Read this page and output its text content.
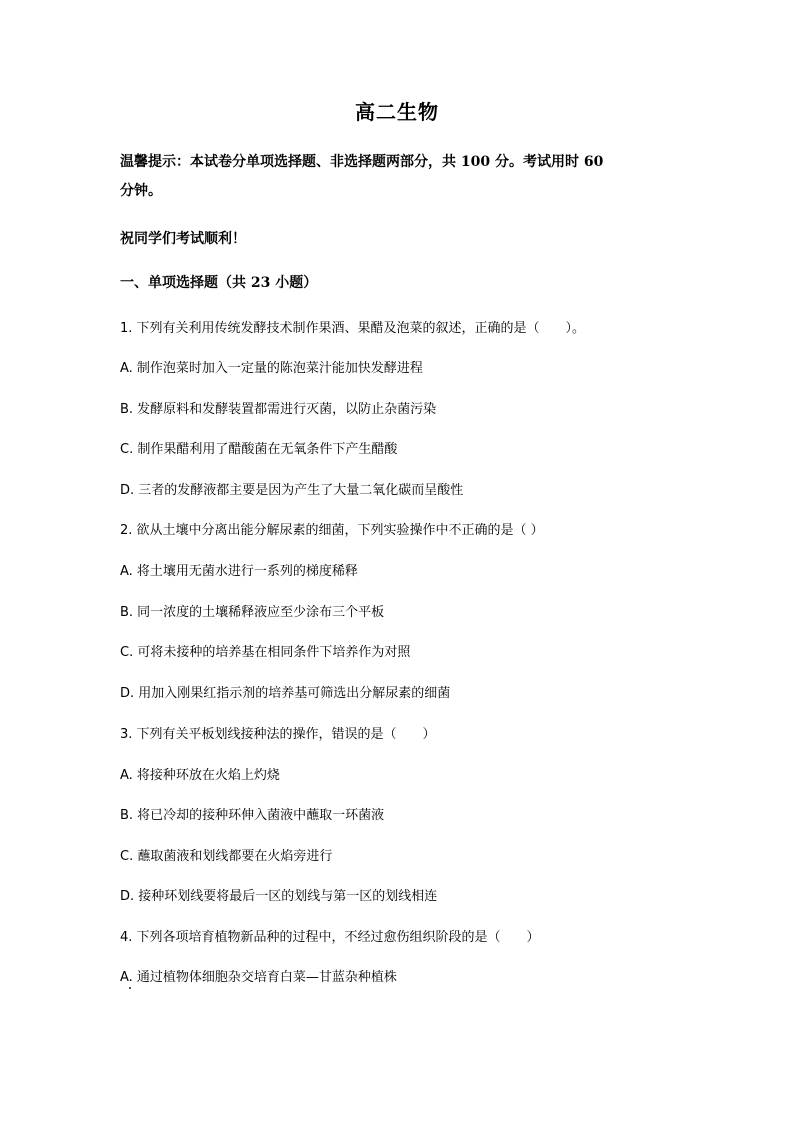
高二生物
温馨提示：本试卷分单项选择题、非选择题两部分，共 100 分。考试用时 60
分钟。
祝同学们考试顺利！
一、单项选择题（共 23 小题）
1. 下列有关利用传统发酵技术制作果酒、果醋及泡菜的叙述，正确的是（　　）。
A. 制作泡菜时加入一定量的陈泡菜汁能加快发酵进程
B. 发酵原料和发酵装置都需进行灭菌，以防止杂菌污染
C. 制作果醋利用了醋酸菌在无氧条件下产生醋酸
D. 三者的发酵液都主要是因为产生了大量二氧化碳而呈酸性
2. 欲从土壤中分离出能分解尿素的细菌，下列实验操作中不正确的是（ ）
A. 将土壤用无菌水进行一系列的梯度稀释
B. 同一浓度的土壤稀释液应至少涂布三个平板
C. 可将未接种的培养基在相同条件下培养作为对照
D. 用加入刚果红指示剂的培养基可筛选出分解尿素的细菌
3. 下列有关平板划线接种法的操作，错误的是（　　）
A. 将接种环放在火焰上灼烧
B. 将已冷却的接种环伸入菌液中蘸取一环菌液
C. 蘸取菌液和划线都要在火焰旁进行
D. 接种环划线要将最后一区的划线与第一区的划线相连
4. 下列各项培育植物新品种的过程中，不经过愈伤组织阶段的是（　　）
A. 通过植物体细胞杂交培育白菜—甘蓝杂种植株
